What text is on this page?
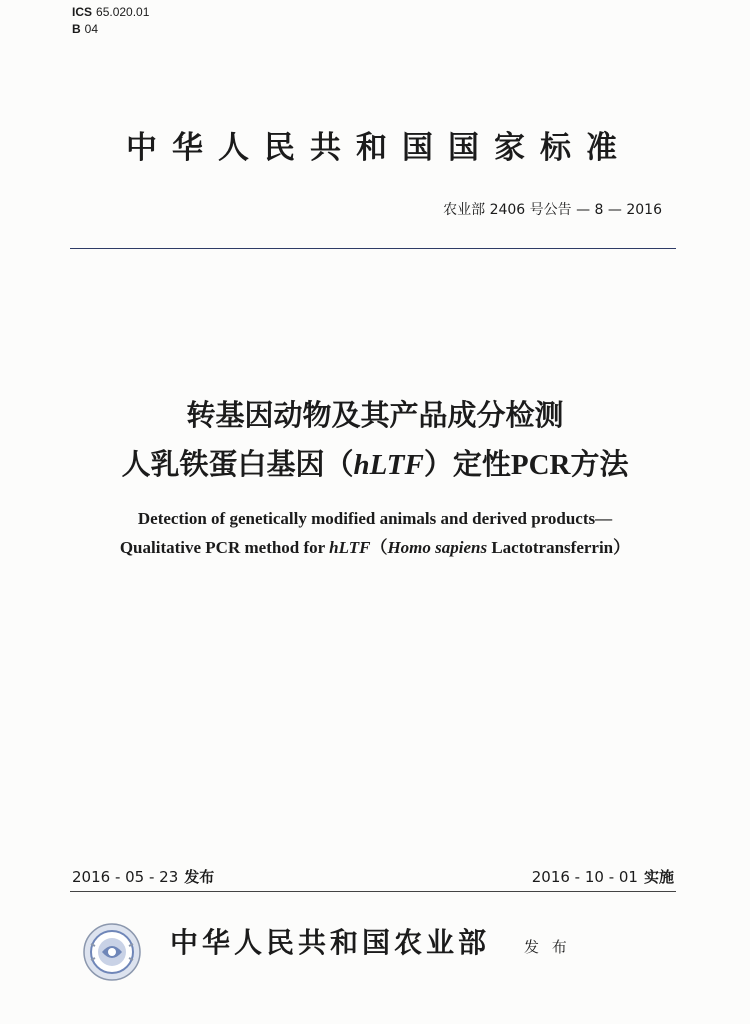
ICS 65.020.01
B 04
中华人民共和国国家标准
农业部 2406 号公告 — 8 — 2016
转基因动物及其产品成分检测
人乳铁蛋白基因（hLTF）定性PCR方法
Detection of genetically modified animals and derived products—
Qualitative PCR method for hLTF（Homo sapiens Lactotransferrin）
2016 - 05 - 23 发布	2016 - 10 - 01 实施
中华人民共和国农业部 发 布
